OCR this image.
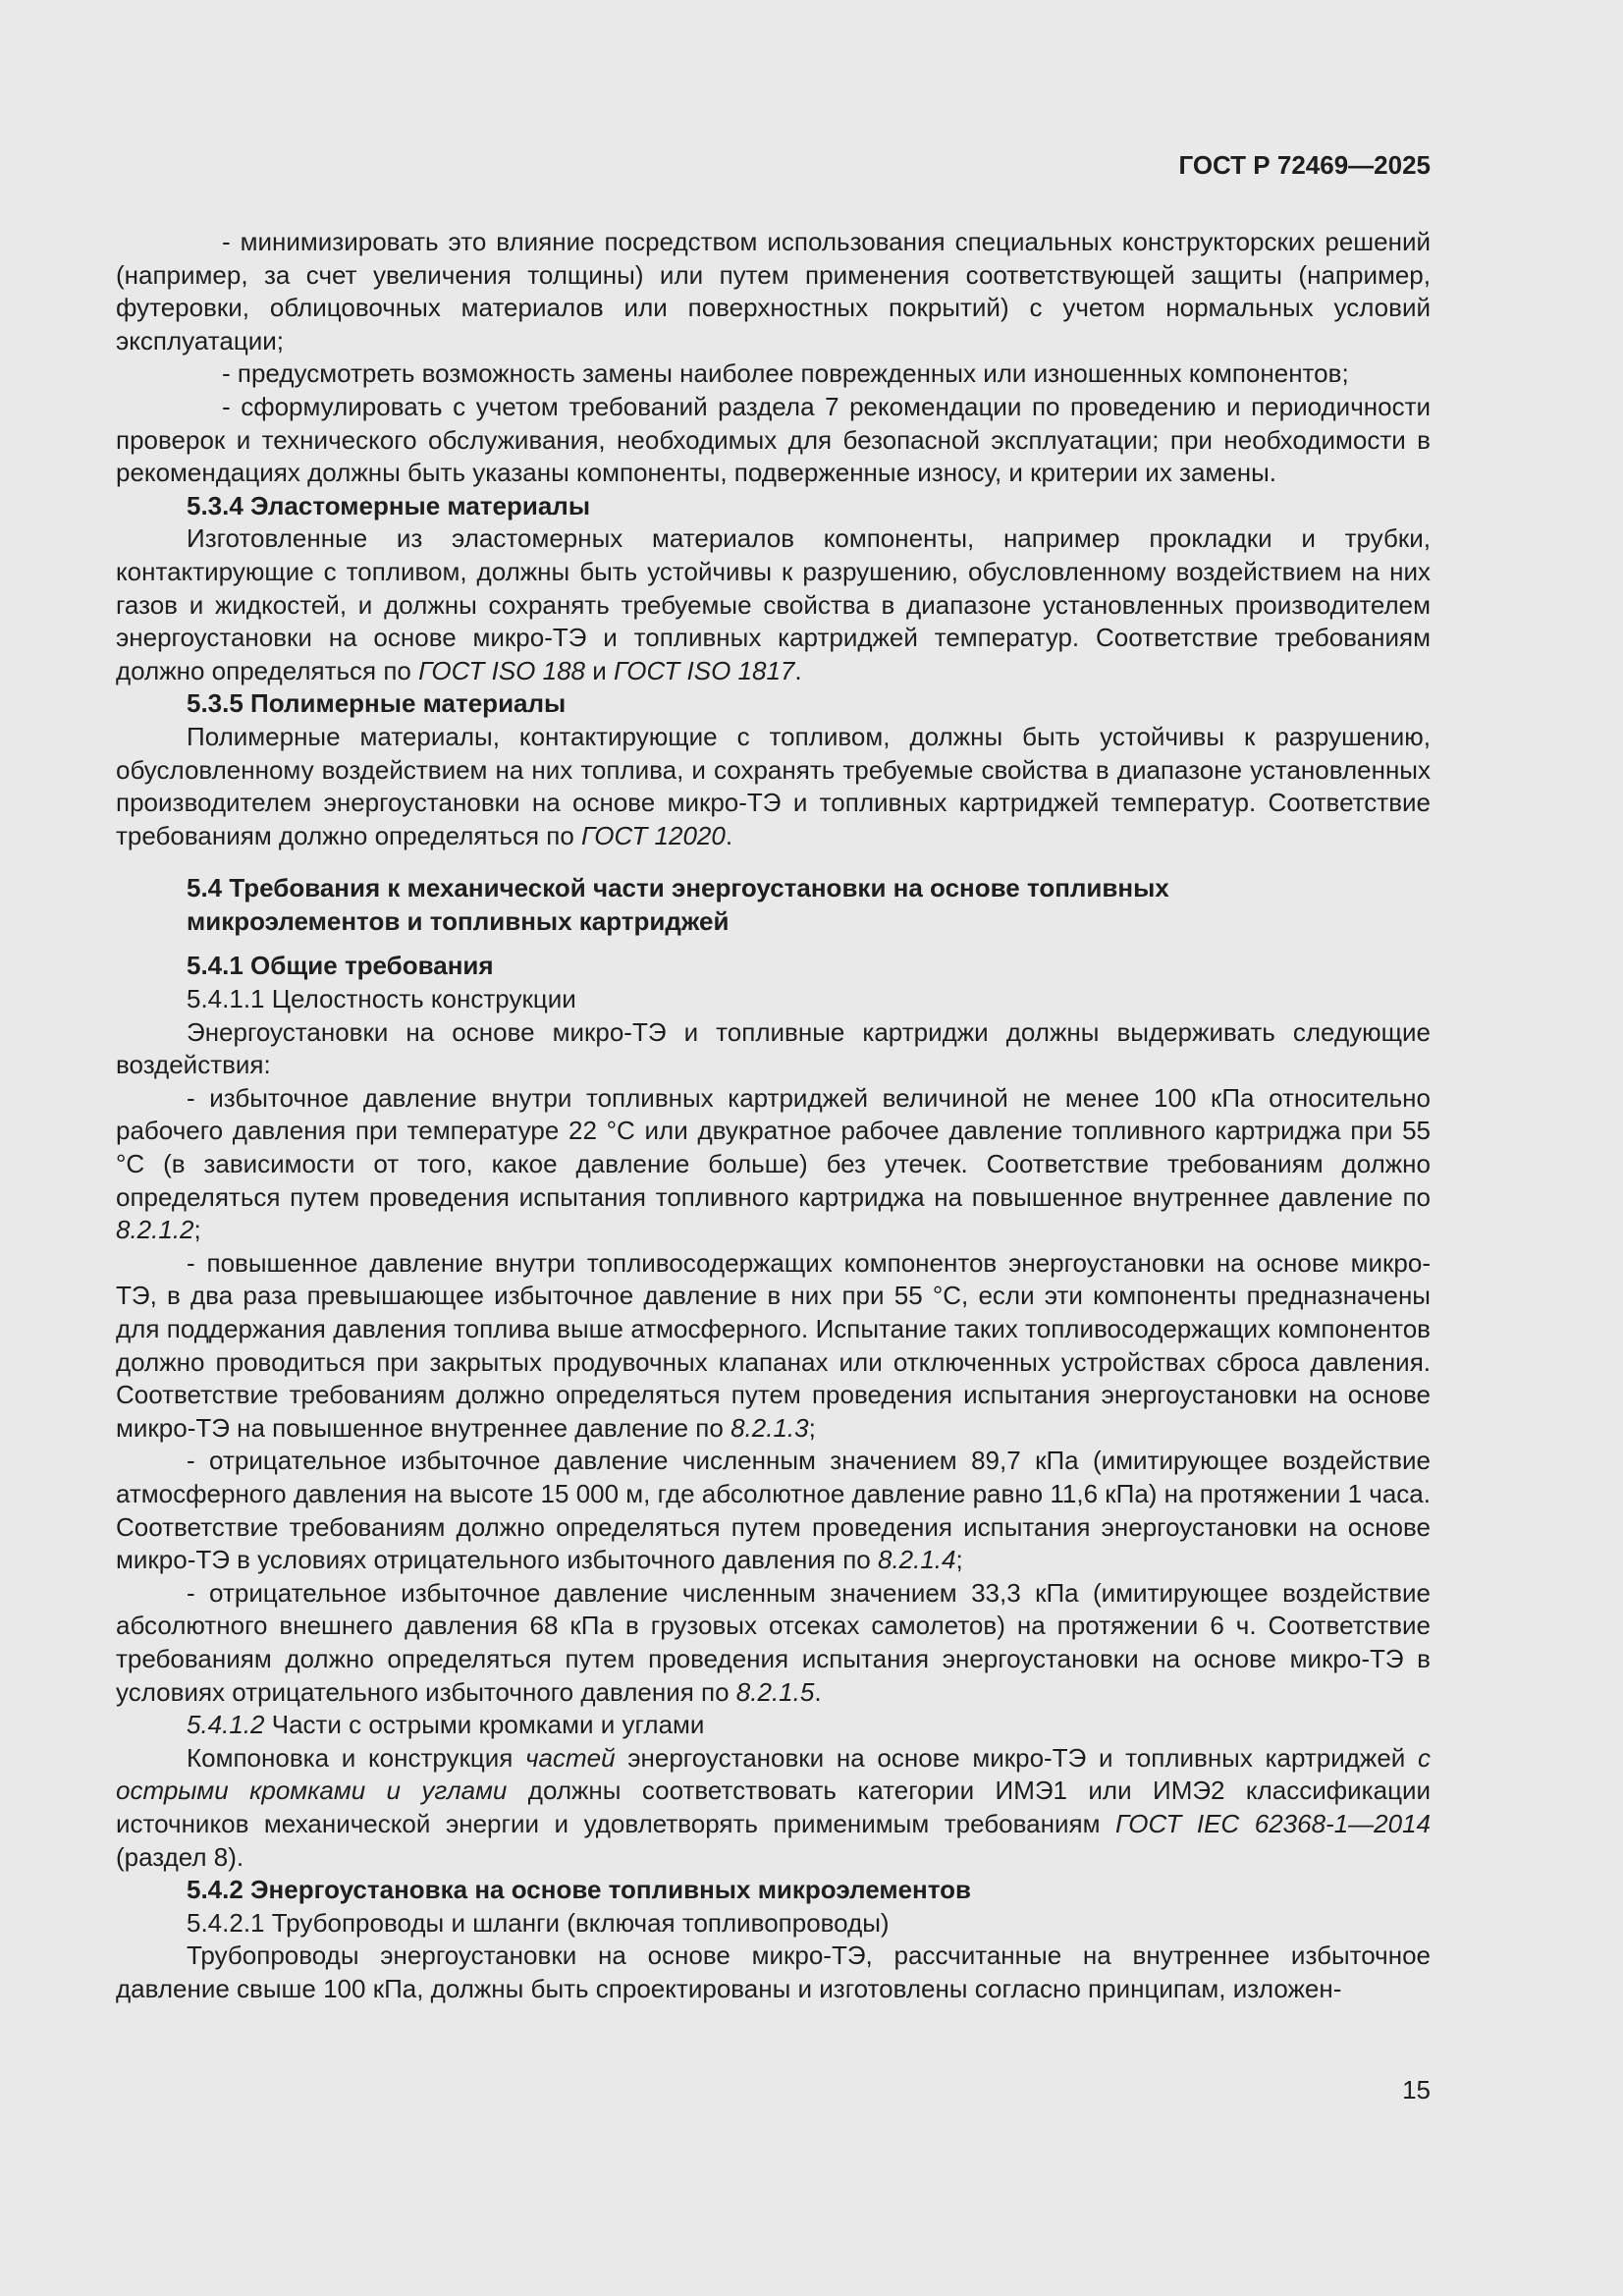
ГОСТ Р 72469—2025

- минимизировать это влияние посредством использования специальных конструкторских решений (например, за счет увеличения толщины) или путем применения соответствующей защиты (например, футеровки, облицовочных материалов или поверхностных покрытий) с учетом нормальных условий эксплуатации;

- предусмотреть возможность замены наиболее поврежденных или изношенных компонентов;

- сформулировать с учетом требований раздела 7 рекомендации по проведению и периодичности проверок и технического обслуживания, необходимых для безопасной эксплуатации; при необходимости в рекомендациях должны быть указаны компоненты, подверженные износу, и критерии их замены.

5.3.4 Эластомерные материалы

Изготовленные из эластомерных материалов компоненты, например прокладки и трубки, контактирующие с топливом, должны быть устойчивы к разрушению, обусловленному воздействием на них газов и жидкостей, и должны сохранять требуемые свойства в диапазоне установленных производителем энергоустановки на основе микро-ТЭ и топливных картриджей температур. Соответствие требованиям должно определяться по ГОСТ ISO 188 и ГОСТ ISO 1817.

5.3.5 Полимерные материалы

Полимерные материалы, контактирующие с топливом, должны быть устойчивы к разрушению, обусловленному воздействием на них топлива, и сохранять требуемые свойства в диапазоне установленных производителем энергоустановки на основе микро-ТЭ и топливных картриджей температур. Соответствие требованиям должно определяться по ГОСТ 12020.

5.4 Требования к механической части энергоустановки на основе топливных
микроэлементов и топливных картриджей

5.4.1 Общие требования

5.4.1.1 Целостность конструкции

Энергоустановки на основе микро-ТЭ и топливные картриджи должны выдерживать следующие воздействия:

- избыточное давление внутри топливных картриджей величиной не менее 100 кПа относительно рабочего давления при температуре 22 °С или двукратное рабочее давление топливного картриджа при 55 °С (в зависимости от того, какое давление больше) без утечек. Соответствие требованиям должно определяться путем проведения испытания топливного картриджа на повышенное внутреннее давление по 8.2.1.2;

- повышенное давление внутри топливосодержащих компонентов энергоустановки на основе микро-ТЭ, в два раза превышающее избыточное давление в них при 55 °С, если эти компоненты предназначены для поддержания давления топлива выше атмосферного. Испытание таких топливосодержащих компонентов должно проводиться при закрытых продувочных клапанах или отключенных устройствах сброса давления. Соответствие требованиям должно определяться путем проведения испытания энергоустановки на основе микро-ТЭ на повышенное внутреннее давление по 8.2.1.3;

- отрицательное избыточное давление численным значением 89,7 кПа (имитирующее воздействие атмосферного давления на высоте 15 000 м, где абсолютное давление равно 11,6 кПа) на протяжении 1 часа. Соответствие требованиям должно определяться путем проведения испытания энергоустановки на основе микро-ТЭ в условиях отрицательного избыточного давления по 8.2.1.4;

- отрицательное избыточное давление численным значением 33,3 кПа (имитирующее воздействие абсолютного внешнего давления 68 кПа в грузовых отсеках самолетов) на протяжении 6 ч. Соответствие требованиям должно определяться путем проведения испытания энергоустановки на основе микро-ТЭ в условиях отрицательного избыточного давления по 8.2.1.5.

5.4.1.2 Части с острыми кромками и углами

Компоновка и конструкция частей энергоустановки на основе микро-ТЭ и топливных картриджей с острыми кромками и углами должны соответствовать категории ИМЭ1 или ИМЭ2 классификации источников механической энергии и удовлетворять применимым требованиям ГОСТ IEC 62368-1—2014 (раздел 8).

5.4.2 Энергоустановка на основе топливных микроэлементов

5.4.2.1 Трубопроводы и шланги (включая топливопроводы)

Трубопроводы энергоустановки на основе микро-ТЭ, рассчитанные на внутреннее избыточное давление свыше 100 кПа, должны быть спроектированы и изготовлены согласно принципам, изложен-

15
